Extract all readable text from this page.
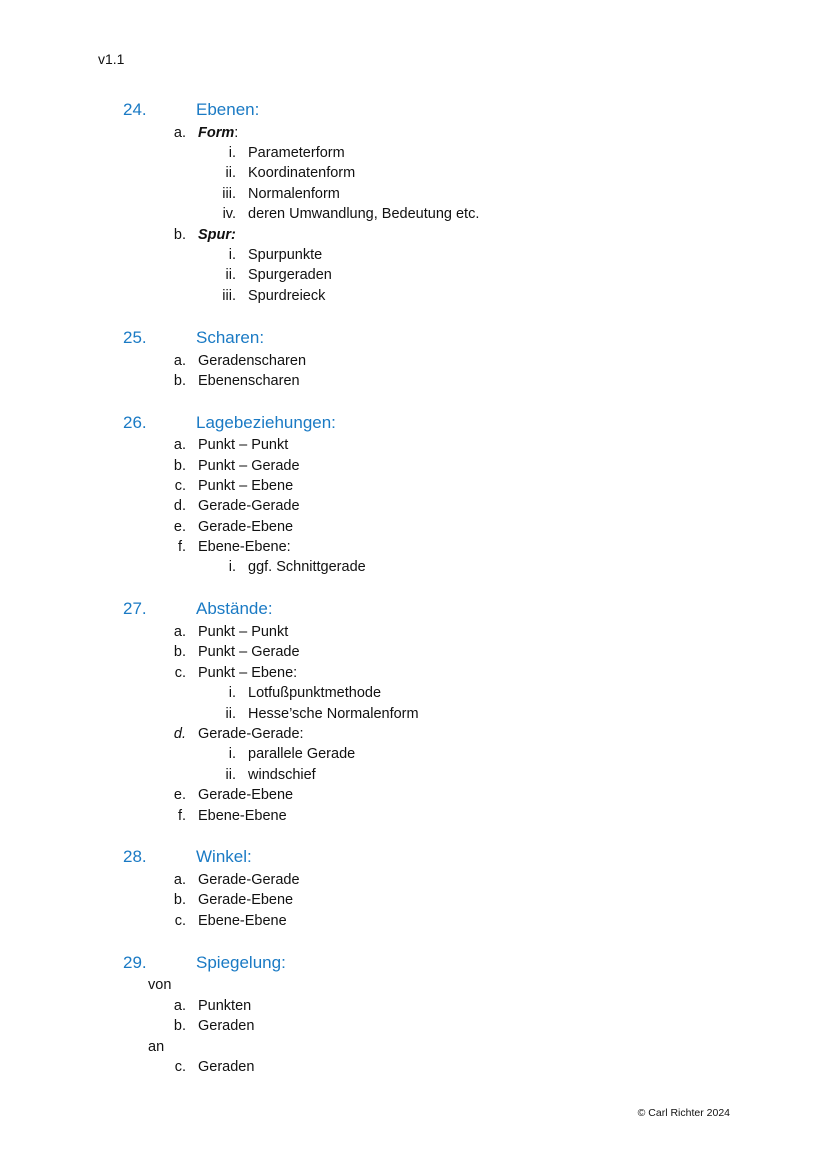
v1.1
24.	Ebenen:
a. Form:
i. Parameterform
ii. Koordinatenform
iii. Normalenform
iv. deren Umwandlung, Bedeutung etc.
b. Spur:
i. Spurpunkte
ii. Spurgeraden
iii. Spurdreieck
25.	Scharen:
a. Geradenscharen
b. Ebenenscharen
26.	Lagebeziehungen:
a. Punkt – Punkt
b. Punkt – Gerade
c. Punkt – Ebene
d. Gerade-Gerade
e. Gerade-Ebene
f. Ebene-Ebene:
i. ggf. Schnittgerade
27.	Abstände:
a. Punkt – Punkt
b. Punkt – Gerade
c. Punkt – Ebene:
i. Lotfußpunktmethode
ii. Hesse’sche Normalenform
d. Gerade-Gerade:
i. parallele Gerade
ii. windschief
e. Gerade-Ebene
f. Ebene-Ebene
28.	Winkel:
a. Gerade-Gerade
b. Gerade-Ebene
c. Ebene-Ebene
29.	Spiegelung:
von
a. Punkten
b. Geraden
an
c. Geraden
© Carl Richter 2024
